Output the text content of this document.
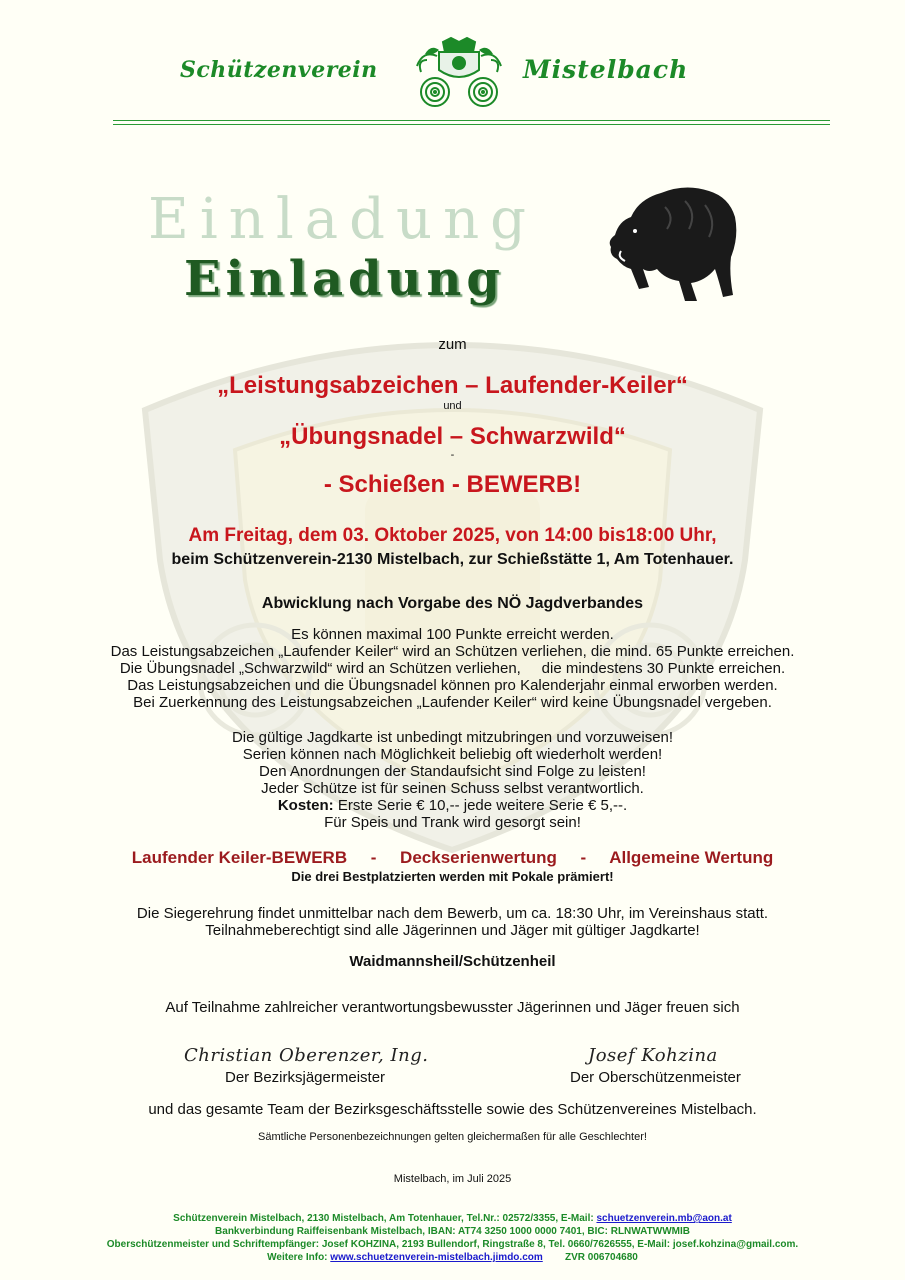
Schützenverein	Mistelbach
Einladung
Einladung
zum
„Leistungsabzeichen – Laufender-Keiler“
und
„Übungsnadel – Schwarzwild“
-
- Schießen - BEWERB!
Am Freitag, dem 03. Oktober 2025, von 14:00 bis18:00 Uhr,
beim Schützenverein-2130 Mistelbach, zur Schießstätte 1, Am Totenhauer.
Abwicklung nach Vorgabe des NÖ Jagdverbandes
Es können maximal 100 Punkte erreicht werden.
Das Leistungsabzeichen „Laufender Keiler“ wird an Schützen verliehen, die mind. 65 Punkte erreichen.
Die Übungsnadel „Schwarzwild“ wird an Schützen verliehen,     die mindestens 30 Punkte erreichen.
Das Leistungsabzeichen und die Übungsnadel können pro Kalenderjahr einmal erworben werden.
Bei Zuerkennung des Leistungsabzeichen „Laufender Keiler“ wird keine Übungsnadel vergeben.
Die gültige Jagdkarte ist unbedingt mitzubringen und vorzuweisen!
Serien können nach Möglichkeit beliebig oft wiederholt werden!
Den Anordnungen der Standaufsicht sind Folge zu leisten!
Jeder Schütze ist für seinen Schuss selbst verantwortlich.
Kosten: Erste Serie € 10,-- jede weitere Serie € 5,--.
Für Speis und Trank wird gesorgt sein!
Laufender Keiler-BEWERB - Deckserienwertung - Allgemeine Wertung
Die drei Bestplatzierten werden mit Pokale prämiert!
Die Siegerehrung findet unmittelbar nach dem Bewerb, um ca. 18:30 Uhr, im Vereinshaus statt.
Teilnahmeberechtigt sind alle Jägerinnen und Jäger mit gültiger Jagdkarte!
Waidmannsheil/Schützenheil
Auf Teilnahme zahlreicher verantwortungsbewusster Jägerinnen und Jäger freuen sich
Christian Oberenzer, Ing.
Der Bezirksjägermeister
Josef Kohzina
Der Oberschützenmeister
und das gesamte Team der Bezirksgeschäftsstelle sowie des Schützenvereines Mistelbach.
Sämtliche Personenbezeichnungen gelten gleichermaßen für alle Geschlechter!
Mistelbach, im Juli 2025
Schützenverein Mistelbach, 2130 Mistelbach, Am Totenhauer, Tel.Nr.: 02572/3355, E-Mail: schuetzenverein.mb@aon.at
Bankverbindung Raiffeisenbank Mistelbach, IBAN: AT74 3250 1000 0000 7401, BIC: RLNWATWWMIB
Oberschützenmeister und Schriftempfänger: Josef KOHZINA, 2193 Bullendorf, Ringstraße 8, Tel. 0660/7626555, E-Mail: josef.kohzina@gmail.com.
Weitere Info: www.schuetzenverein-mistelbach.jimdo.com ZVR 006704680
